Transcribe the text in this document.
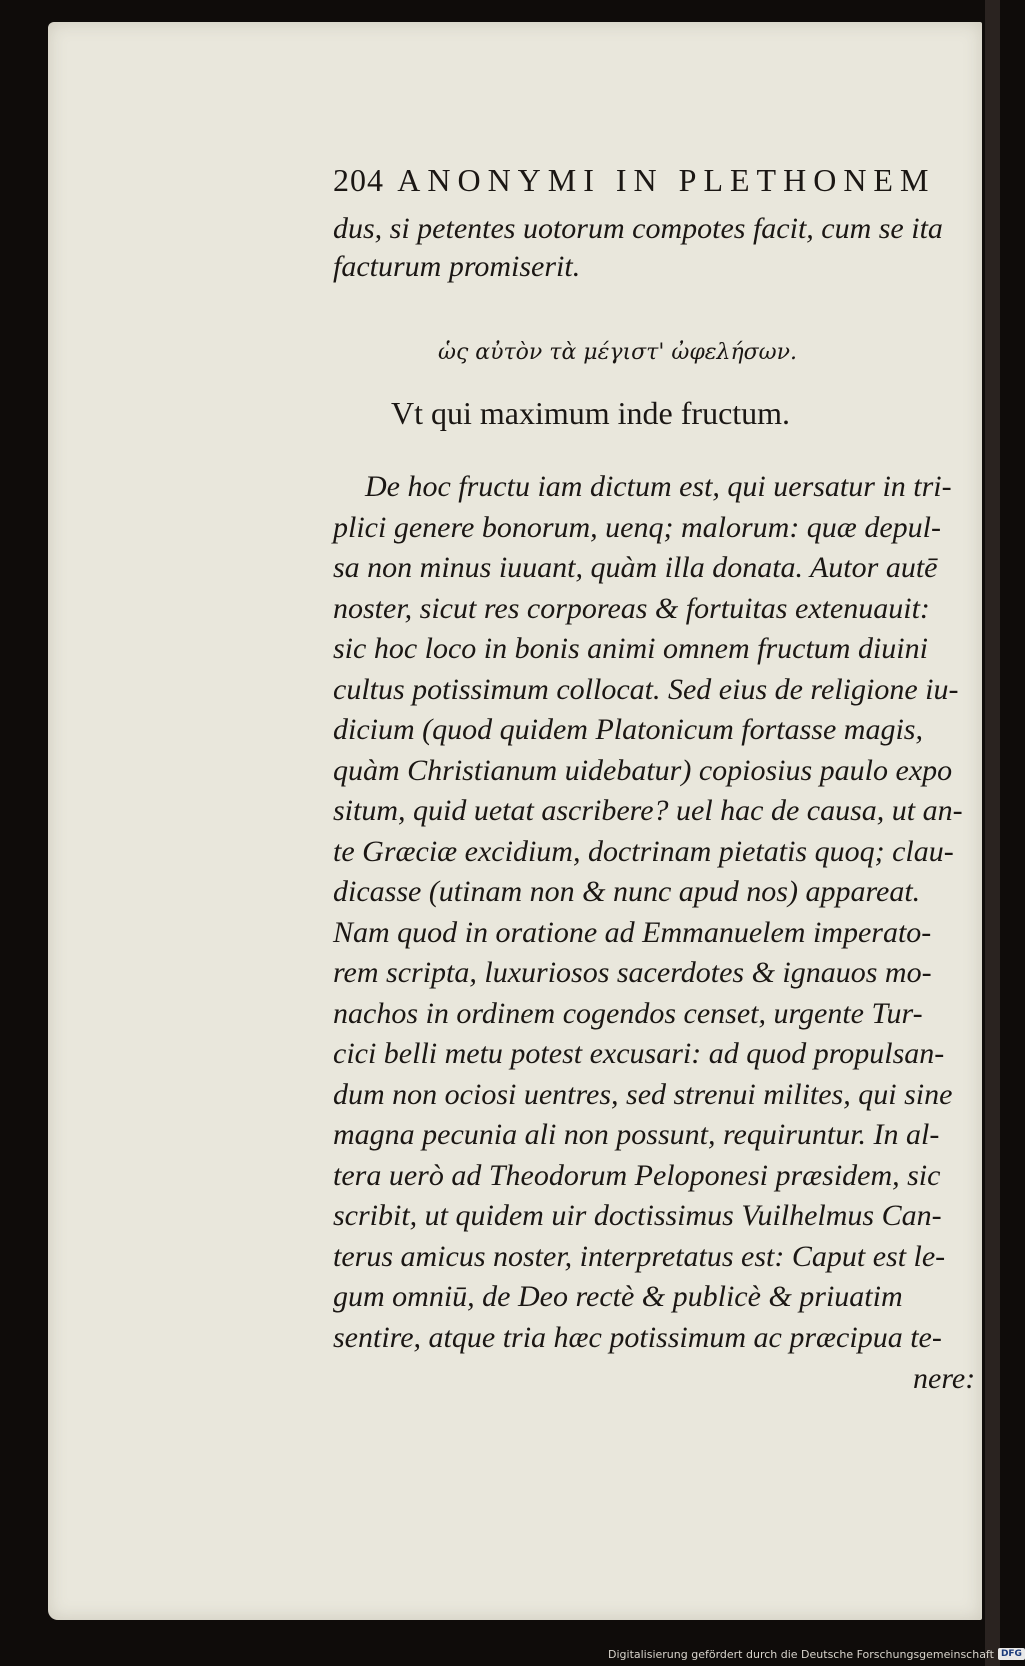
204 ANONYMI IN PLETHONEM
dus, si petentes uotorum compotes facit, cum se ita
facturum promiserit.
ὡς αὐτὸν τὰ μέγιστ' ὠφελήσων.
Vt qui maximum inde fructum.
De hoc fructu iam dictum est, qui uersatur in tri-
plici genere bonorum, uenq; malorum: quæ depul-
sa non minus iuuant, quàm illa donata. Autor autē
noster, sicut res corporeas & fortuitas extenuauit:
sic hoc loco in bonis animi omnem fructum diuini
cultus potissimum collocat. Sed eius de religione iu-
dicium (quod quidem Platonicum fortasse magis,
quàm Christianum uidebatur) copiosius paulo expo
situm, quid uetat ascribere? uel hac de causa, ut an-
te Græciæ excidium, doctrinam pietatis quoq; clau-
dicasse (utinam non & nunc apud nos) appareat.
Nam quod in oratione ad Emmanuelem imperato-
rem scripta, luxuriosos sacerdotes & ignauos mo-
nachos in ordinem cogendos censet, urgente Tur-
cici belli metu potest excusari: ad quod propulsan-
dum non ociosi uentres, sed strenui milites, qui sine
magna pecunia ali non possunt, requiruntur. In al-
tera uerò ad Theodorum Peloponesi præsidem, sic
scribit, ut quidem uir doctissimus Vuilhelmus Can-
terus amicus noster, interpretatus est: Caput est le-
gum omniū, de Deo rectè & publicè & priuatim
sentire, atque tria hæc potissimum ac præcipua te-
nere:
Digitalisierung gefördert durch die Deutsche Forschungsgemeinschaft DFG
